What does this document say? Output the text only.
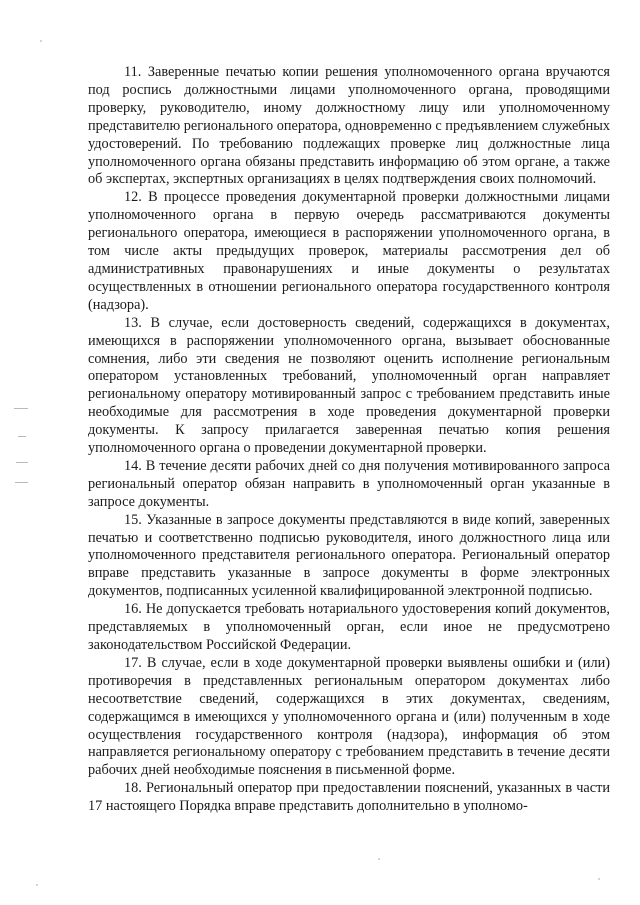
11. Заверенные печатью копии решения уполномоченного органа вручаются под роспись должностными лицами уполномоченного органа, проводящими проверку, руководителю, иному должностному лицу или уполномоченному представителю регионального оператора, одновременно с предъявлением служебных удостоверений. По требованию подлежащих проверке лиц должностные лица уполномоченного органа обязаны представить информацию об этом органе, а также об экспертах, экспертных организациях в целях подтверждения своих полномочий.

12. В процессе проведения документарной проверки должностными лицами уполномоченного органа в первую очередь рассматриваются документы регионального оператора, имеющиеся в распоряжении уполномоченного органа, в том числе акты предыдущих проверок, материалы рассмотрения дел об административных правонарушениях и иные документы о результатах осуществленных в отношении регионального оператора государственного контроля (надзора).

13. В случае, если достоверность сведений, содержащихся в документах, имеющихся в распоряжении уполномоченного органа, вызывает обоснованные сомнения, либо эти сведения не позволяют оценить исполнение региональным оператором установленных требований, уполномоченный орган направляет региональному оператору мотивированный запрос с требованием представить иные необходимые для рассмотрения в ходе проведения документарной проверки документы. К запросу прилагается заверенная печатью копия решения уполномоченного органа о проведении документарной проверки.

14. В течение десяти рабочих дней со дня получения мотивированного запроса региональный оператор обязан направить в уполномоченный орган указанные в запросе документы.

15. Указанные в запросе документы представляются в виде копий, заверенных печатью и соответственно подписью руководителя, иного должностного лица или уполномоченного представителя регионального оператора. Региональный оператор вправе представить указанные в запросе документы в форме электронных документов, подписанных усиленной квалифицированной электронной подписью.

16. Не допускается требовать нотариального удостоверения копий документов, представляемых в уполномоченный орган, если иное не предусмотрено законодательством Российской Федерации.

17. В случае, если в ходе документарной проверки выявлены ошибки и (или) противоречия в представленных региональным оператором документах либо несоответствие сведений, содержащихся в этих документах, сведениям, содержащимся в имеющихся у уполномоченного органа и (или) полученным в ходе осуществления государственного контроля (надзора), информация об этом направляется региональному оператору с требованием представить в течение десяти рабочих дней необходимые пояснения в письменной форме.

18. Региональный оператор при предоставлении пояснений, указанных в части 17 настоящего Порядка вправе представить дополнительно в уполномо-
